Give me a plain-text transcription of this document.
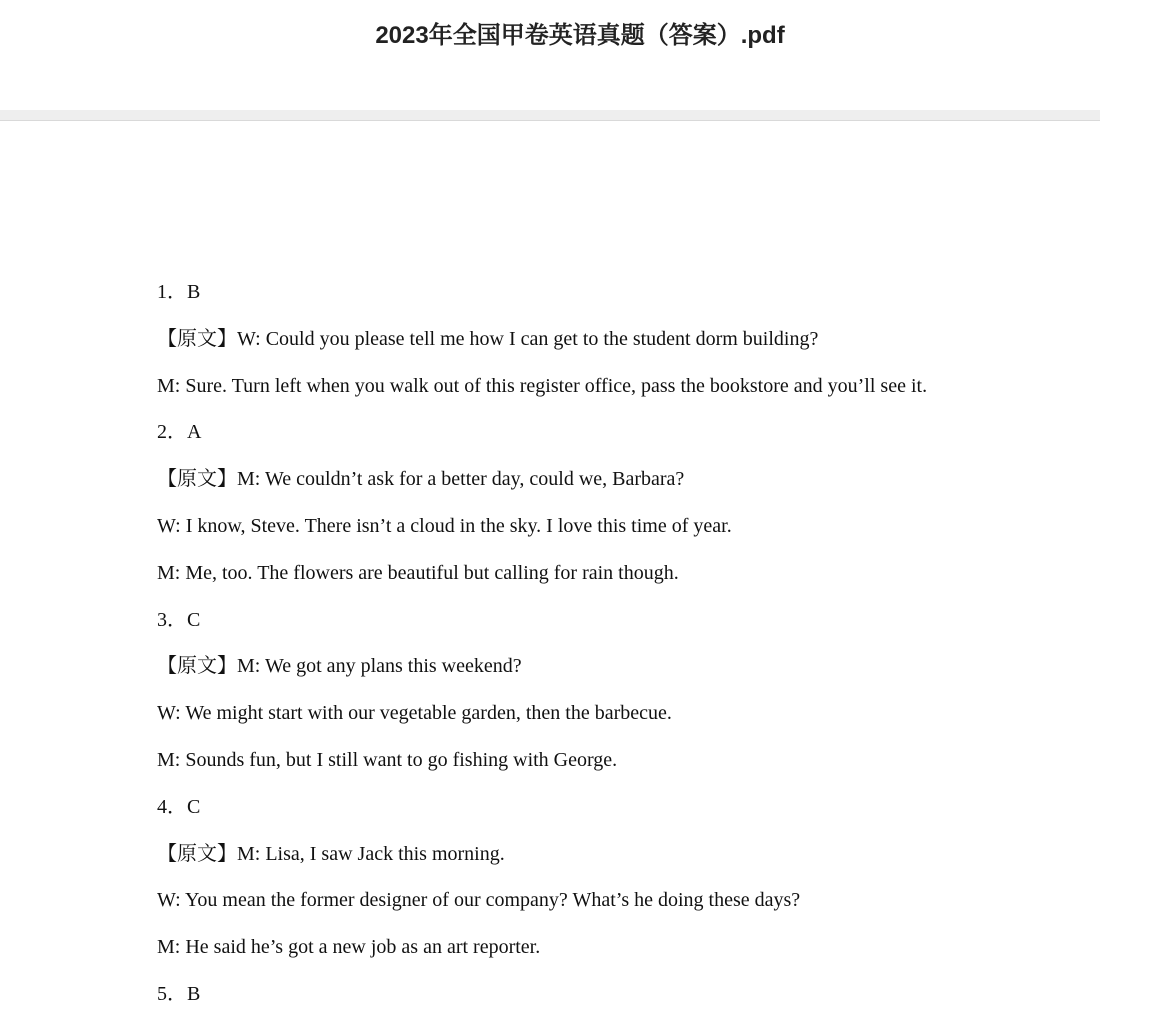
2023年全国甲卷英语真题（答案）.pdf
1．B
【原文】W: Could you please tell me how I can get to the student dorm building?
M: Sure. Turn left when you walk out of this register office, pass the bookstore and you’ll see it.
2．A
【原文】M: We couldn’t ask for a better day, could we, Barbara?
W: I know, Steve. There isn’t a cloud in the sky. I love this time of year.
M: Me, too. The flowers are beautiful but calling for rain though.
3．C
【原文】M: We got any plans this weekend?
W: We might start with our vegetable garden, then the barbecue.
M: Sounds fun, but I still want to go fishing with George.
4．C
【原文】M: Lisa, I saw Jack this morning.
W: You mean the former designer of our company? What’s he doing these days?
M: He said he’s got a new job as an art reporter.
5．B
